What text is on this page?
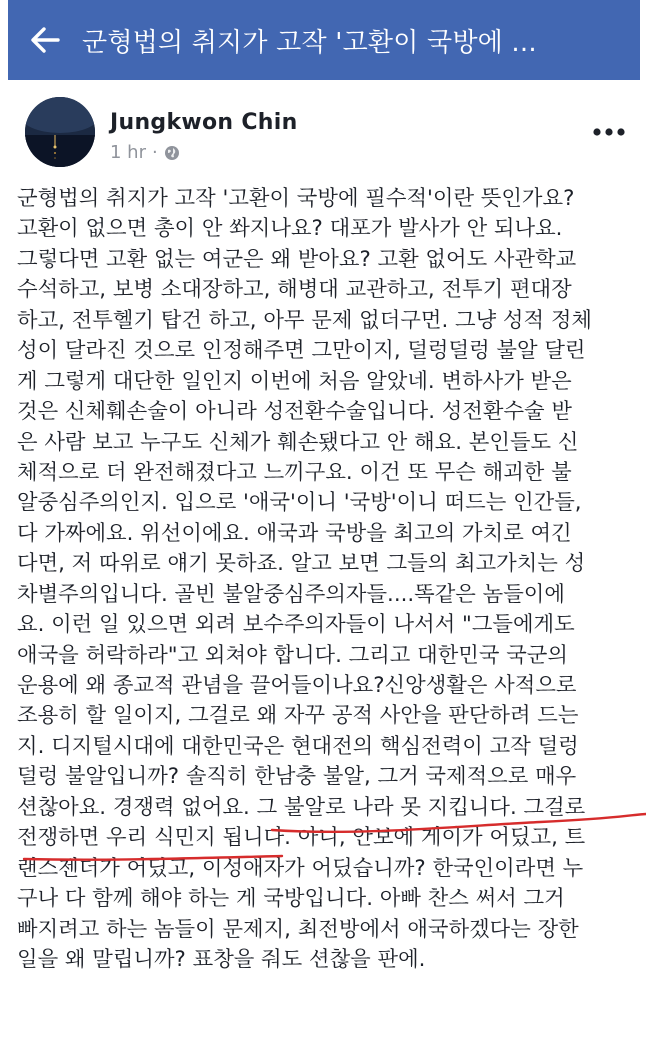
군형법의 취지가 고작 '고환이 국방에 ...
Jungkwon Chin
1 hr ·
군형법의 취지가 고작 '고환이 국방에 필수적'이란 뜻인가요?
고환이 없으면 총이 안 쏴지나요? 대포가 발사가 안 되나요.
그렇다면 고환 없는 여군은 왜 받아요? 고환 없어도 사관학교
수석하고, 보병 소대장하고, 해병대 교관하고, 전투기 편대장
하고, 전투헬기 탑건 하고, 아무 문제 없더구먼. 그냥 성적 정체
성이 달라진 것으로 인정해주면 그만이지, 덜렁덜렁 불알 달린
게 그렇게 대단한 일인지 이번에 처음 알았네. 변하사가 받은
것은 신체훼손술이 아니라 성전환수술입니다. 성전환수술 받
은 사람 보고 누구도 신체가 훼손됐다고 안 해요. 본인들도 신
체적으로 더 완전해졌다고 느끼구요. 이건 또 무슨 해괴한 불
알중심주의인지. 입으로 '애국'이니 '국방'이니 떠드는 인간들,
다 가짜에요. 위선이에요. 애국과 국방을 최고의 가치로 여긴
다면, 저 따위로 얘기 못하죠. 알고 보면 그들의 최고가치는 성
차별주의입니다. 골빈 불알중심주의자들....똑같은 놈들이에
요. 이런 일 있으면 외려 보수주의자들이 나서서 "그들에게도
애국을 허락하라"고 외쳐야 합니다. 그리고 대한민국 국군의
운용에 왜 종교적 관념을 끌어들이나요?신앙생활은 사적으로
조용히 할 일이지, 그걸로 왜 자꾸 공적 사안을 판단하려 드는
지. 디지털시대에 대한민국은 현대전의 핵심전력이 고작 덜렁
덜렁 불알입니까? 솔직히 한남충 불알, 그거 국제적으로 매우
션찮아요. 경쟁력 없어요. 그 불알로 나라 못 지킵니다. 그걸로
전쟁하면 우리 식민지 됩니다. 아니, 안보에 게이가 어딨고, 트
랜스젠더가 어딨고, 이성애자가 어딨습니까? 한국인이라면 누
구나 다 함께 해야 하는 게 국방입니다. 아빠 찬스 써서 그거
빠지려고 하는 놈들이 문제지, 최전방에서 애국하겠다는 장한
일을 왜 말립니까? 표창을 줘도 션찮을 판에.
